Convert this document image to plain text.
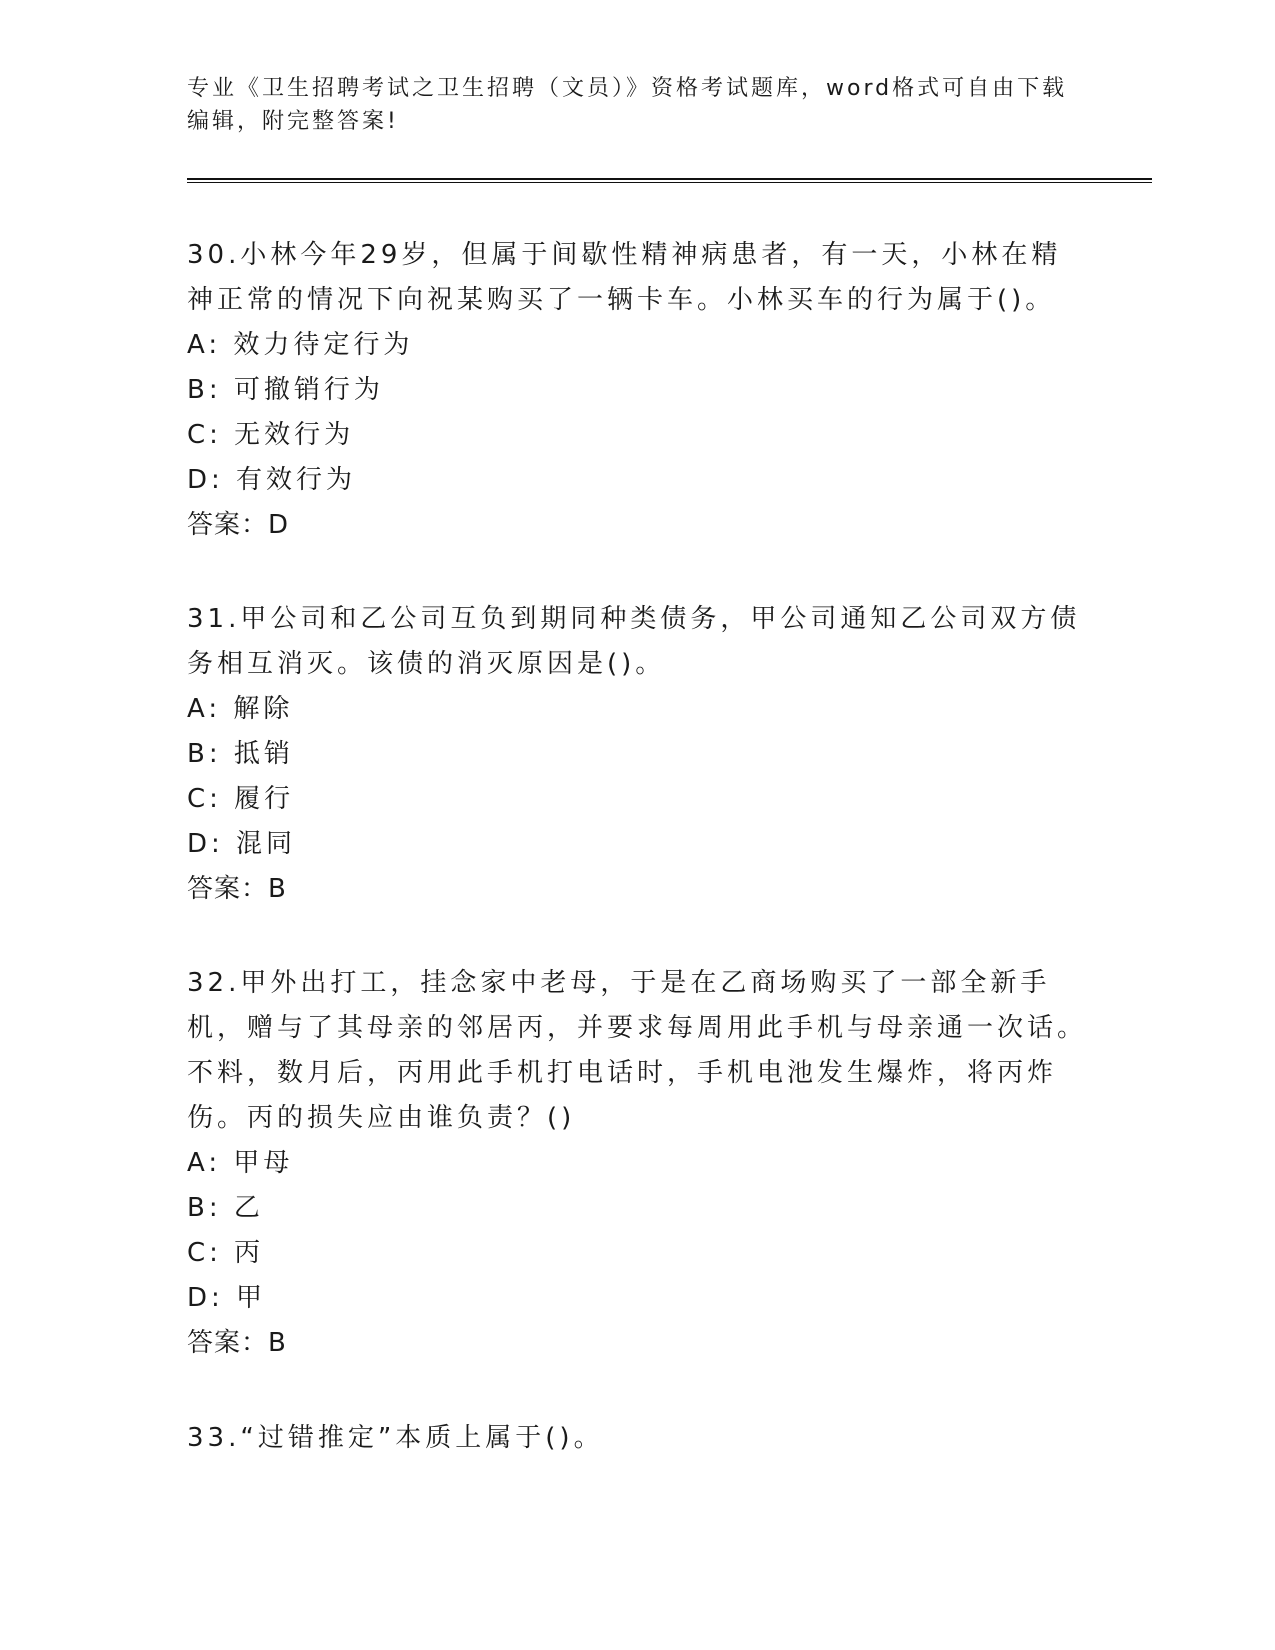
专业《卫生招聘考试之卫生招聘（文员）》资格考试题库，word格式可自由下载编辑，附完整答案!

30.小林今年29岁，但属于间歇性精神病患者，有一天，小林在精神正常的情况下向祝某购买了一辆卡车。小林买车的行为属于()。

A: 效力待定行为

B: 可撤销行为

C: 无效行为

D: 有效行为

答案：D

31.甲公司和乙公司互负到期同种类债务，甲公司通知乙公司双方债务相互消灭。该债的消灭原因是()。

A: 解除

B: 抵销

C: 履行

D: 混同

答案：B

32.甲外出打工，挂念家中老母，于是在乙商场购买了一部全新手机，赠与了其母亲的邻居丙，并要求每周用此手机与母亲通一次话。不料，数月后，丙用此手机打电话时，手机电池发生爆炸，将丙炸伤。丙的损失应由谁负责？()

A: 甲母

B: 乙

C: 丙

D: 甲

答案：B

33.“过错推定”本质上属于()。
